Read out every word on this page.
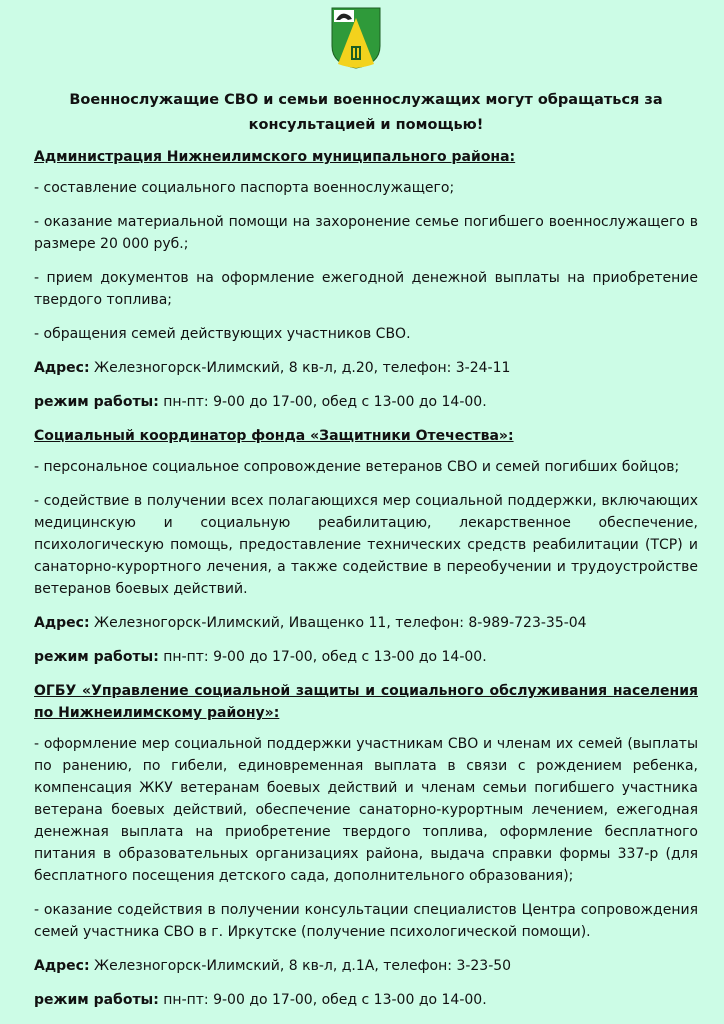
Военнослужащие СВО и семьи военнослужащих могут обращаться за
консультацией и помощью!
Администрация Нижнеилимского муниципального района:
- составление социального паспорта военнослужащего;
- оказание материальной помощи на захоронение семье погибшего военнослужащего в размере 20 000 руб.;
- прием документов на оформление ежегодной денежной выплаты на приобретение твердого топлива;
- обращения семей действующих участников СВО.
Адрес: Железногорск-Илимский, 8 кв-л, д.20, телефон: 3-24-11
режим работы: пн-пт: 9-00 до 17-00, обед с 13-00 до 14-00.
Социальный координатор фонда «Защитники Отечества»:
- персональное социальное сопровождение ветеранов СВО и семей погибших бойцов;
- содействие в получении всех полагающихся мер социальной поддержки, включающих медицинскую и социальную реабилитацию, лекарственное обеспечение, психологическую помощь, предоставление технических средств реабилитации (ТСР) и санаторно-курортного лечения, а также содействие в переобучении и трудоустройстве ветеранов боевых действий.
Адрес: Железногорск-Илимский, Иващенко 11, телефон: 8-989-723-35-04
режим работы: пн-пт: 9-00 до 17-00, обед с 13-00 до 14-00.
ОГБУ «Управление социальной защиты и социального обслуживания населения по Нижнеилимскому району»:
- оформление мер социальной поддержки участникам СВО и членам их семей (выплаты по ранению, по гибели, единовременная выплата в связи с рождением ребенка, компенсация ЖКУ ветеранам боевых действий и членам семьи погибшего участника ветерана боевых действий, обеспечение санаторно-курортным лечением, ежегодная денежная выплата на приобретение твердого топлива, оформление бесплатного питания в образовательных организациях района, выдача справки формы 337-р (для бесплатного посещения детского сада, дополнительного образования);
- оказание содействия в получении консультации специалистов Центра сопровождения семей участника СВО в г. Иркутске (получение психологической помощи).
Адрес: Железногорск-Илимский, 8 кв-л, д.1А, телефон: 3-23-50
режим работы: пн-пт: 9-00 до 17-00, обед с 13-00 до 14-00.
